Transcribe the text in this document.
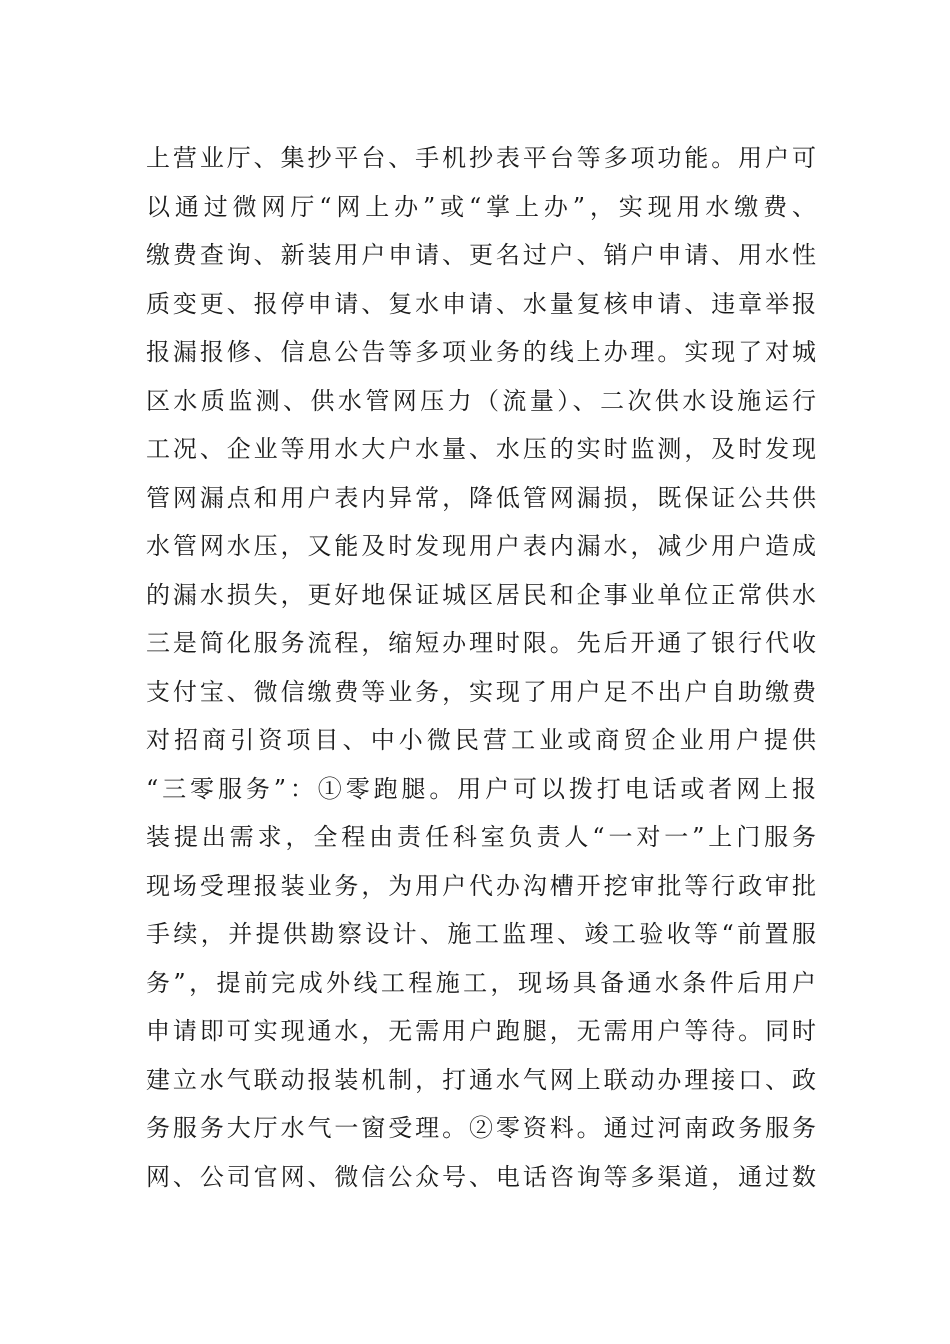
上营业厅、集抄平台、手机抄表平台等多项功能。用户可
以通过微网厅“网上办”或“掌上办”，实现用水缴费、
缴费查询、新装用户申请、更名过户、销户申请、用水性
质变更、报停申请、复水申请、水量复核申请、违章举报
报漏报修、信息公告等多项业务的线上办理。实现了对城
区水质监测、供水管网压力（流量）、二次供水设施运行
工况、企业等用水大户水量、水压的实时监测，及时发现
管网漏点和用户表内异常，降低管网漏损，既保证公共供
水管网水压，又能及时发现用户表内漏水，减少用户造成
的漏水损失，更好地保证城区居民和企事业单位正常供水
三是简化服务流程，缩短办理时限。先后开通了银行代收
支付宝、微信缴费等业务，实现了用户足不出户自助缴费
对招商引资项目、中小微民营工业或商贸企业用户提供
“三零服务”：①零跑腿。用户可以拨打电话或者网上报
装提出需求，全程由责任科室负责人“一对一”上门服务
现场受理报装业务，为用户代办沟槽开挖审批等行政审批
手续，并提供勘察设计、施工监理、竣工验收等“前置服
务”，提前完成外线工程施工，现场具备通水条件后用户
申请即可实现通水，无需用户跑腿，无需用户等待。同时
建立水气联动报装机制，打通水气网上联动办理接口、政
务服务大厅水气一窗受理。②零资料。通过河南政务服务
网、公司官网、微信公众号、电话咨询等多渠道，通过数
